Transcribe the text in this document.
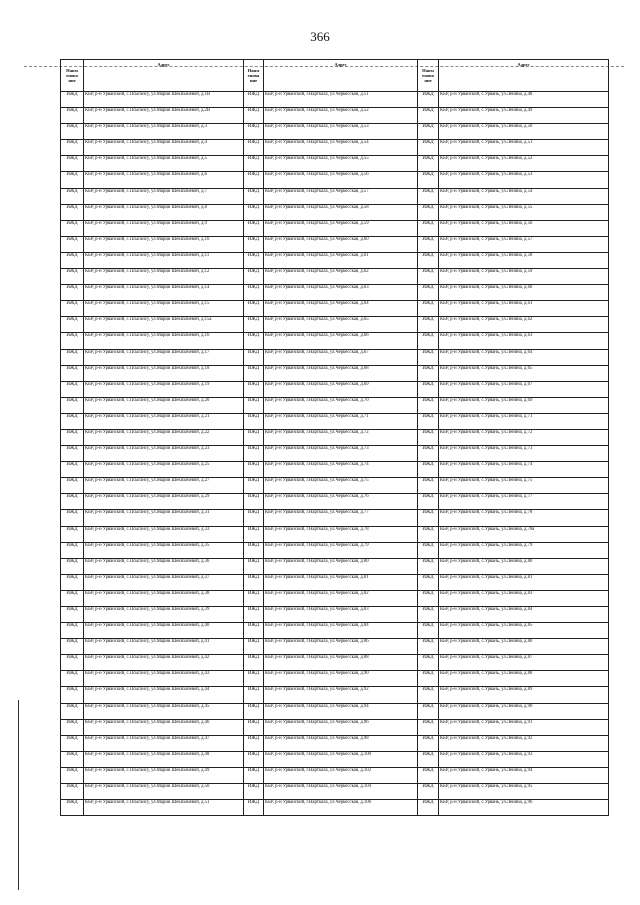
366
Наим енова ние	Адрес	Наим енова ние	Адрес	Наим енова ние	Адрес
ИЖД	КБР, р-н Урванский, с.Псыгансу, ул.Марии Шекихачевой, д.1В	ИЖД	КБР, р-н Урванский, г.Нарткала, ул.Черкесская, д.51	ИЖД	КБР, р-н Урванский, с.Урвань, ул.Ленина, д.48
ИЖД	КБР, р-н Урванский, с.Псыгансу, ул.Марии Шекихачевой, д.2В	ИЖД	КБР, р-н Урванский, г.Нарткала, ул.Черкесская, д.52	ИЖД	КБР, р-н Урванский, с.Урвань, ул.Ленина, д.49
ИЖД	КБР, р-н Урванский, с.Псыгансу, ул.Марии Шекихачевой, д.3	ИЖД	КБР, р-н Урванский, г.Нарткала, ул.Черкесская, д.53	ИЖД	КБР, р-н Урванский, с.Урвань, ул.Ленина, д.50
ИЖД	КБР, р-н Урванский, с.Псыгансу, ул.Марии Шекихачевой, д.4	ИЖД	КБР, р-н Урванский, г.Нарткала, ул.Черкесская, д.54	ИЖД	КБР, р-н Урванский, с.Урвань, ул.Ленина, д.51
ИЖД	КБР, р-н Урванский, с.Псыгансу, ул.Марии Шекихачевой, д.5	ИЖД	КБР, р-н Урванский, г.Нарткала, ул.Черкесская, д.55	ИЖД	КБР, р-н Урванский, с.Урвань, ул.Ленина, д.52
ИЖД	КБР, р-н Урванский, с.Псыгансу, ул.Марии Шекихачевой, д.6	ИЖД	КБР, р-н Урванский, г.Нарткала, ул.Черкесская, д.56	ИЖД	КБР, р-н Урванский, с.Урвань, ул.Ленина, д.53
ИЖД	КБР, р-н Урванский, с.Псыгансу, ул.Марии Шекихачевой, д.7	ИЖД	КБР, р-н Урванский, г.Нарткала, ул.Черкесская, д.57	ИЖД	КБР, р-н Урванский, с.Урвань, ул.Ленина, д.54
ИЖД	КБР, р-н Урванский, с.Псыгансу, ул.Марии Шекихачевой, д.8	ИЖД	КБР, р-н Урванский, г.Нарткала, ул.Черкесская, д.58	ИЖД	КБР, р-н Урванский, с.Урвань, ул.Ленина, д.55
ИЖД	КБР, р-н Урванский, с.Псыгансу, ул.Марии Шекихачевой, д.9	ИЖД	КБР, р-н Урванский, г.Нарткала, ул.Черкесская, д.59	ИЖД	КБР, р-н Урванский, с.Урвань, ул.Ленина, д.56
ИЖД	КБР, р-н Урванский, с.Псыгансу, ул.Марии Шекихачевой, д.10	ИЖД	КБР, р-н Урванский, г.Нарткала, ул.Черкесская, д.60	ИЖД	КБР, р-н Урванский, с.Урвань, ул.Ленина, д.57
ИЖД	КБР, р-н Урванский, с.Псыгансу, ул.Марии Шекихачевой, д.11	ИЖД	КБР, р-н Урванский, г.Нарткала, ул.Черкесская, д.61	ИЖД	КБР, р-н Урванский, с.Урвань, ул.Ленина, д.58
ИЖД	КБР, р-н Урванский, с.Псыгансу, ул.Марии Шекихачевой, д.12	ИЖД	КБР, р-н Урванский, г.Нарткала, ул.Черкесская, д.62	ИЖД	КБР, р-н Урванский, с.Урвань, ул.Ленина, д.59
ИЖД	КБР, р-н Урванский, с.Псыгансу, ул.Марии Шекихачевой, д.14	ИЖД	КБР, р-н Урванский, г.Нарткала, ул.Черкесская, д.63	ИЖД	КБР, р-н Урванский, с.Урвань, ул.Ленина, д.60
ИЖД	КБР, р-н Урванский, с.Псыгансу, ул.Марии Шекихачевой, д.15	ИЖД	КБР, р-н Урванский, г.Нарткала, ул.Черкесская, д.64	ИЖД	КБР, р-н Урванский, с.Урвань, ул.Ленина, д.61
ИЖД	КБР, р-н Урванский, с.Псыгансу, ул.Марии Шекихачевой, д.15а	ИЖД	КБР, р-н Урванский, г.Нарткала, ул.Черкесская, д.65	ИЖД	КБР, р-н Урванский, с.Урвань, ул.Ленина, д.62
ИЖД	КБР, р-н Урванский, с.Псыгансу, ул.Марии Шекихачевой, д.16	ИЖД	КБР, р-н Урванский, г.Нарткала, ул.Черкесская, д.66	ИЖД	КБР, р-н Урванский, с.Урвань, ул.Ленина, д.63
ИЖД	КБР, р-н Урванский, с.Псыгансу, ул.Марии Шекихачевой, д.17	ИЖД	КБР, р-н Урванский, г.Нарткала, ул.Черкесская, д.67	ИЖД	КБР, р-н Урванский, с.Урвань, ул.Ленина, д.64
ИЖД	КБР, р-н Урванский, с.Псыгансу, ул.Марии Шекихачевой, д.18	ИЖД	КБР, р-н Урванский, г.Нарткала, ул.Черкесская, д.68	ИЖД	КБР, р-н Урванский, с.Урвань, ул.Ленина, д.65
ИЖД	КБР, р-н Урванский, с.Псыгансу, ул.Марии Шекихачевой, д.19	ИЖД	КБР, р-н Урванский, г.Нарткала, ул.Черкесская, д.69	ИЖД	КБР, р-н Урванский, с.Урвань, ул.Ленина, д.67
ИЖД	КБР, р-н Урванский, с.Псыгансу, ул.Марии Шекихачевой, д.20	ИЖД	КБР, р-н Урванский, г.Нарткала, ул.Черкесская, д.70	ИЖД	КБР, р-н Урванский, с.Урвань, ул.Ленина, д.69
ИЖД	КБР, р-н Урванский, с.Псыгансу, ул.Марии Шекихачевой, д.21	ИЖД	КБР, р-н Урванский, г.Нарткала, ул.Черкесская, д.71	ИЖД	КБР, р-н Урванский, с.Урвань, ул.Ленина, д.71
ИЖД	КБР, р-н Урванский, с.Псыгансу, ул.Марии Шекихачевой, д.22	ИЖД	КБР, р-н Урванский, г.Нарткала, ул.Черкесская, д.72	ИЖД	КБР, р-н Урванский, с.Урвань, ул.Ленина, д.72
ИЖД	КБР, р-н Урванский, с.Псыгансу, ул.Марии Шекихачевой, д.23	ИЖД	КБР, р-н Урванский, г.Нарткала, ул.Черкесская, д.73	ИЖД	КБР, р-н Урванский, с.Урвань, ул.Ленина, д.73
ИЖД	КБР, р-н Урванский, с.Псыгансу, ул.Марии Шекихачевой, д.25	ИЖД	КБР, р-н Урванский, г.Нарткала, ул.Черкесская, д.74	ИЖД	КБР, р-н Урванский, с.Урвань, ул.Ленина, д.74
ИЖД	КБР, р-н Урванский, с.Псыгансу, ул.Марии Шекихачевой, д.27	ИЖД	КБР, р-н Урванский, г.Нарткала, ул.Черкесская, д.75	ИЖД	КБР, р-н Урванский, с.Урвань, ул.Ленина, д.75
ИЖД	КБР, р-н Урванский, с.Псыгансу, ул.Марии Шекихачевой, д.29	ИЖД	КБР, р-н Урванский, г.Нарткала, ул.Черкесская, д.76	ИЖД	КБР, р-н Урванский, с.Урвань, ул.Ленина, д.77
ИЖД	КБР, р-н Урванский, с.Псыгансу, ул.Марии Шекихачевой, д.31	ИЖД	КБР, р-н Урванский, г.Нарткала, ул.Черкесская, д.77	ИЖД	КБР, р-н Урванский, с.Урвань, ул.Ленина, д.78
ИЖД	КБР, р-н Урванский, с.Псыгансу, ул.Марии Шекихачевой, д.33	ИЖД	КБР, р-н Урванский, г.Нарткала, ул.Черкесская, д.78	ИЖД	КБР, р-н Урванский, с.Урвань, ул.Ленина, д.78а
ИЖД	КБР, р-н Урванский, с.Псыгансу, ул.Марии Шекихачевой, д.35	ИЖД	КБР, р-н Урванский, г.Нарткала, ул.Черкесская, д.79	ИЖД	КБР, р-н Урванский, с.Урвань, ул.Ленина, д.79
ИЖД	КБР, р-н Урванский, с.Псыгансу, ул.Марии Шекихачевой, д.36	ИЖД	КБР, р-н Урванский, г.Нарткала, ул.Черкесская, д.80	ИЖД	КБР, р-н Урванский, с.Урвань, ул.Ленина, д.80
ИЖД	КБР, р-н Урванский, с.Псыгансу, ул.Марии Шекихачевой, д.37	ИЖД	КБР, р-н Урванский, г.Нарткала, ул.Черкесская, д.81	ИЖД	КБР, р-н Урванский, с.Урвань, ул.Ленина, д.81
ИЖД	КБР, р-н Урванский, с.Псыгансу, ул.Марии Шекихачевой, д.38	ИЖД	КБР, р-н Урванский, г.Нарткала, ул.Черкесская, д.82	ИЖД	КБР, р-н Урванский, с.Урвань, ул.Ленина, д.83
ИЖД	КБР, р-н Урванский, с.Псыгансу, ул.Марии Шекихачевой, д.39	ИЖД	КБР, р-н Урванский, г.Нарткала, ул.Черкесская, д.83	ИЖД	КБР, р-н Урванский, с.Урвань, ул.Ленина, д.84
ИЖД	КБР, р-н Урванский, с.Псыгансу, ул.Марии Шекихачевой, д.40	ИЖД	КБР, р-н Урванский, г.Нарткала, ул.Черкесская, д.84	ИЖД	КБР, р-н Урванский, с.Урвань, ул.Ленина, д.85
ИЖД	КБР, р-н Урванский, с.Псыгансу, ул.Марии Шекихачевой, д.41	ИЖД	КБР, р-н Урванский, г.Нарткала, ул.Черкесская, д.86	ИЖД	КБР, р-н Урванский, с.Урвань, ул.Ленина, д.86
ИЖД	КБР, р-н Урванский, с.Псыгансу, ул.Марии Шекихачевой, д.42	ИЖД	КБР, р-н Урванский, г.Нарткала, ул.Черкесская, д.88	ИЖД	КБР, р-н Урванский, с.Урвань, ул.Ленина, д.87
ИЖД	КБР, р-н Урванский, с.Псыгансу, ул.Марии Шекихачевой, д.43	ИЖД	КБР, р-н Урванский, г.Нарткала, ул.Черкесская, д.90	ИЖД	КБР, р-н Урванский, с.Урвань, ул.Ленина, д.88
ИЖД	КБР, р-н Урванский, с.Псыгансу, ул.Марии Шекихачевой, д.44	ИЖД	КБР, р-н Урванский, г.Нарткала, ул.Черкесская, д.92	ИЖД	КБР, р-н Урванский, с.Урвань, ул.Ленина, д.89
ИЖД	КБР, р-н Урванский, с.Псыгансу, ул.Марии Шекихачевой, д.45	ИЖД	КБР, р-н Урванский, г.Нарткала, ул.Черкесская, д.94	ИЖД	КБР, р-н Урванский, с.Урвань, ул.Ленина, д.90
ИЖД	КБР, р-н Урванский, с.Псыгансу, ул.Марии Шекихачевой, д.46	ИЖД	КБР, р-н Урванский, г.Нарткала, ул.Черкесская, д.96	ИЖД	КБР, р-н Урванский, с.Урвань, ул.Ленина, д.91
ИЖД	КБР, р-н Урванский, с.Псыгансу, ул.Марии Шекихачевой, д.47	ИЖД	КБР, р-н Урванский, г.Нарткала, ул.Черкесская, д.98	ИЖД	КБР, р-н Урванский, с.Урвань, ул.Ленина, д.92
ИЖД	КБР, р-н Урванский, с.Псыгансу, ул.Марии Шекихачевой, д.48	ИЖД	КБР, р-н Урванский, г.Нарткала, ул.Черкесская, д.100	ИЖД	КБР, р-н Урванский, с.Урвань, ул.Ленина, д.93
ИЖД	КБР, р-н Урванский, с.Псыгансу, ул.Марии Шекихачевой, д.49	ИЖД	КБР, р-н Урванский, г.Нарткала, ул.Черкесская, д.102	ИЖД	КБР, р-н Урванский, с.Урвань, ул.Ленина, д.94
ИЖД	КБР, р-н Урванский, с.Псыгансу, ул.Марии Шекихачевой, д.50	ИЖД	КБР, р-н Урванский, г.Нарткала, ул.Черкесская, д.104	ИЖД	КБР, р-н Урванский, с.Урвань, ул.Ленина, д.95
ИЖД	КБР, р-н Урванский, с.Псыгансу, ул.Марии Шекихачевой, д.51	ИЖД	КБР, р-н Урванский, г.Нарткала, ул.Черкесская, д.106	ИЖД	КБР, р-н Урванский, с.Урвань, ул.Ленина, д.96
